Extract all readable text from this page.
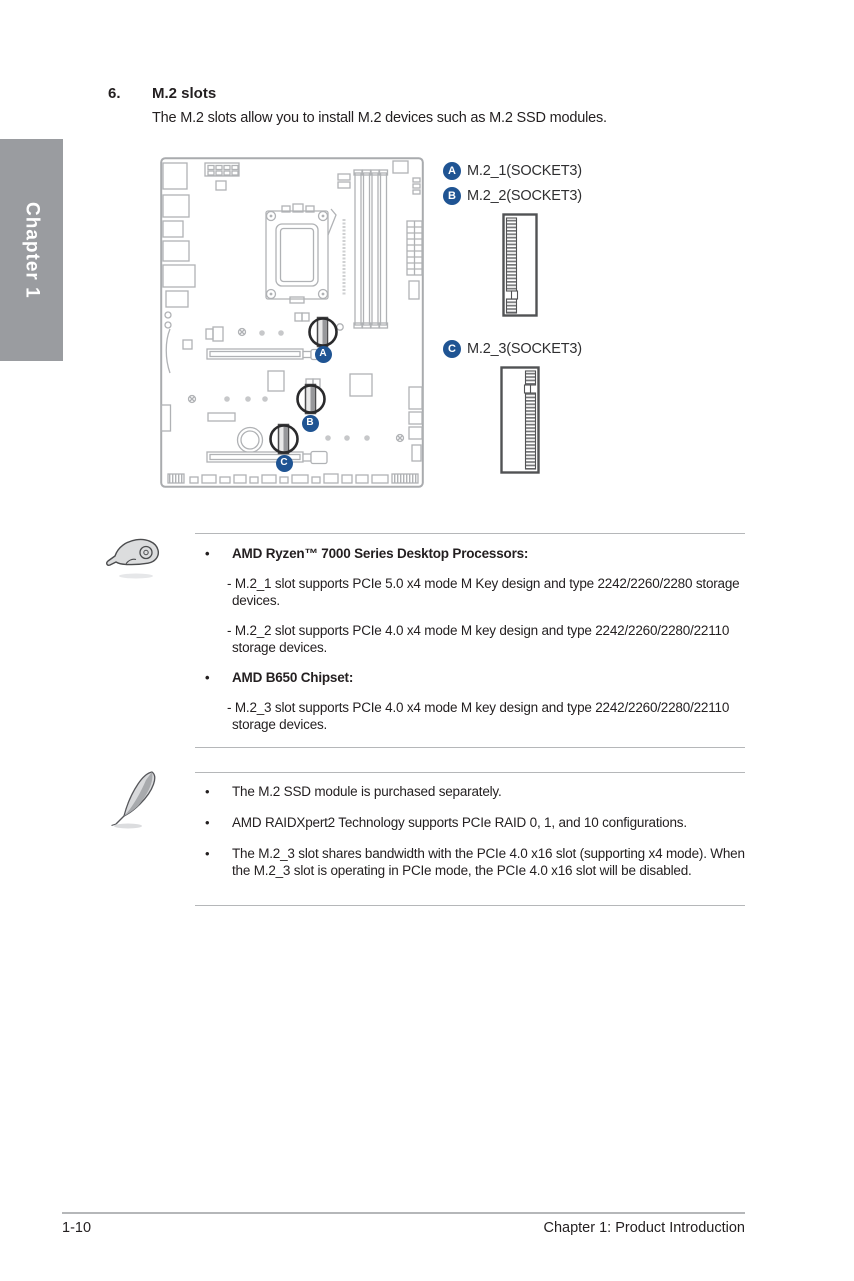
Chapter 1
6. M.2 slots
The M.2 slots allow you to install M.2 devices such as M.2 SSD modules.
A
B
C
A M.2_1(SOCKET3)
B M.2_2(SOCKET3)
C M.2_3(SOCKET3)
• AMD Ryzen™ 7000 Series Desktop Processors:
- M.2_1 slot supports PCIe 5.0 x4 mode M Key design and type 2242/2260/2280 storage devices.
- M.2_2 slot supports PCIe 4.0 x4 mode M key design and type 2242/2260/2280/22110 storage devices.
• AMD B650 Chipset:
- M.2_3 slot supports PCIe 4.0 x4 mode M key design and type 2242/2260/2280/22110 storage devices.
• The M.2 SSD module is purchased separately.
• AMD RAIDXpert2 Technology supports PCIe RAID 0, 1, and 10 configurations.
• The M.2_3 slot shares bandwidth with the PCIe 4.0 x16 slot (supporting x4 mode). When the M.2_3 slot is operating in PCIe mode, the PCIe 4.0 x16 slot will be disabled.
1-10	Chapter 1: Product Introduction
